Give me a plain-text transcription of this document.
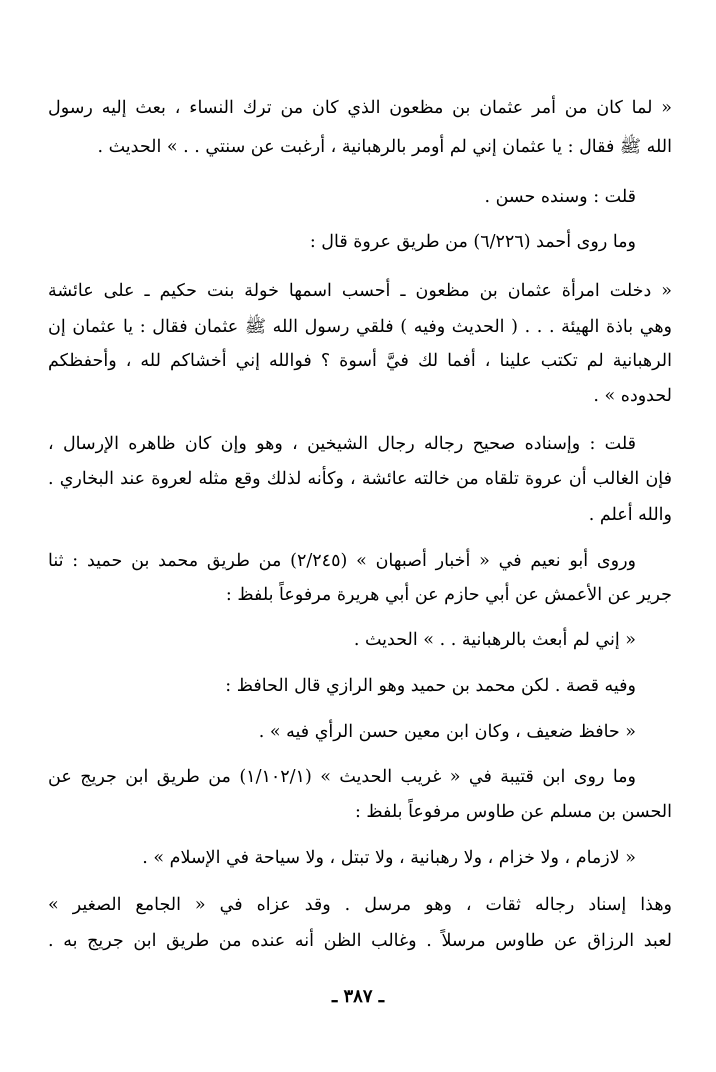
« لما كان من أمر عثمان بن مظعون الذي كان من ترك النساء ، بعث إليه رسول
الله ﷺ فقال : يا عثمان إني لم أومر بالرهبانية ، أرغبت عن سنتي . . » الحديث .
قلت : وسنده حسن .
وما روى أحمد (٦/٢٢٦) من طريق عروة قال :
« دخلت امرأة عثمان بن مظعون ـ أحسب اسمها خولة بنت حكيم ـ على عائشة
وهي باذة الهيئة . . . ( الحديث وفيه ) فلقي رسول الله ﷺ عثمان فقال : يا عثمان إن
الرهبانية لم تكتب علينا ، أفما لك فيَّ أسوة ؟ فوالله إني أخشاكم لله ، وأحفظكم
لحدوده » .
قلت : وإسناده صحيح رجاله رجال الشيخين ، وهو وإن كان ظاهره الإرسال ،
فإن الغالب أن عروة تلقاه من خالته عائشة ، وكأنه لذلك وقع مثله لعروة عند البخاري .
والله أعلم .
وروى أبو نعيم في « أخبار أصبهان » (٢/٢٤٥) من طريق محمد بن حميد : ثنا
جرير عن الأعمش عن أبي حازم عن أبي هريرة مرفوعاً بلفظ :
« إني لم أبعث بالرهبانية . . » الحديث .
وفيه قصة . لكن محمد بن حميد وهو الرازي قال الحافظ :
« حافظ ضعيف ، وكان ابن معين حسن الرأي فيه » .
وما روى ابن قتيبة في « غريب الحديث » (١/١٠٢/١) من طريق ابن جريج عن
الحسن بن مسلم عن طاوس مرفوعاً بلفظ :
« لازمام ، ولا خزام ، ولا رهبانية ، ولا تبتل ، ولا سياحة في الإسلام » .
وهذا إسناد رجاله ثقات ، وهو مرسل . وقد عزاه في « الجامع الصغير »
لعبد الرزاق عن طاوس مرسلاً . وغالب الظن أنه عنده من طريق ابن جريج به .
ـ ٣٨٧ ـ
